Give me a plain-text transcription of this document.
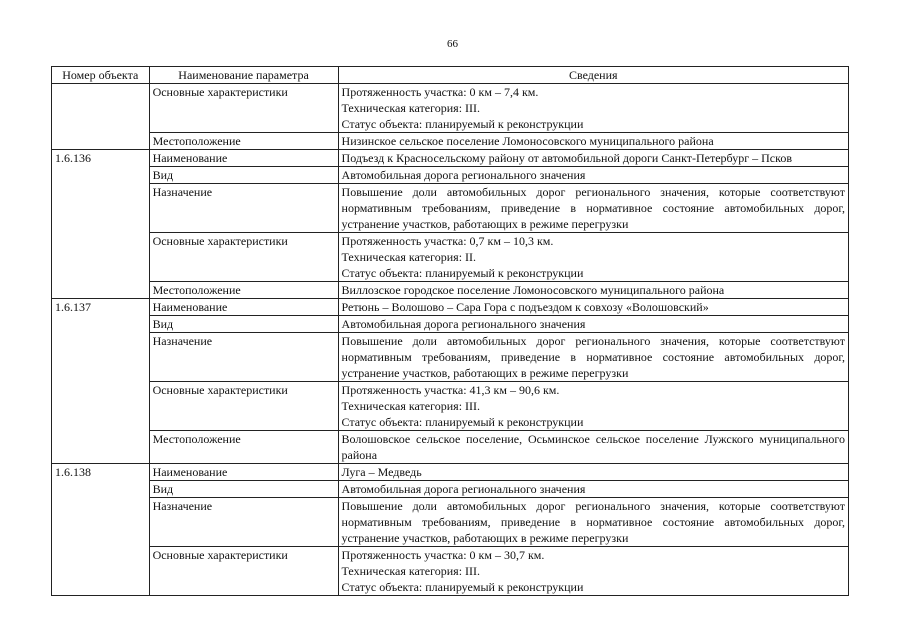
66
Номер объекта	Наименование параметра	Сведения
	Основные характеристики	Протяженность участка: 0 км – 7,4 км.
Техническая категория: III.
Статус объекта: планируемый к реконструкции

	Местоположение	Низинское сельское поселение Ломоносовского муниципального района
1.6.136	Наименование	Подъезд к Красносельскому району от автомобильной дороги Санкт-Петербург – Псков
	Вид	Автомобильная дорога регионального значения
	Назначение	Повышение доли автомобильных дорог регионального значения, которые соответствуют нормативным требованиям, приведение в нормативное состояние автомобильных дорог, устранение участков, работающих в режиме перегрузки
	Основные характеристики	Протяженность участка: 0,7 км – 10,3 км.
Техническая категория: II.
Статус объекта: планируемый к реконструкции

	Местоположение	Виллозское городское поселение Ломоносовского муниципального района
1.6.137	Наименование	Ретюнь – Волошово – Сара Гора с подъездом к совхозу «Волошовский»
	Вид	Автомобильная дорога регионального значения
	Назначение	Повышение доли автомобильных дорог регионального значения, которые соответствуют нормативным требованиям, приведение в нормативное состояние автомобильных дорог, устранение участков, работающих в режиме перегрузки
	Основные характеристики	Протяженность участка: 41,3 км – 90,6 км.
Техническая категория: III.
Статус объекта: планируемый к реконструкции

	Местоположение	Волошовское сельское поселение, Осьминское сельское поселение Лужского муниципального района
1.6.138	Наименование	Луга – Медведь
	Вид	Автомобильная дорога регионального значения
	Назначение	Повышение доли автомобильных дорог регионального значения, которые соответствуют нормативным требованиям, приведение в нормативное состояние автомобильных дорог, устранение участков, работающих в режиме перегрузки
	Основные характеристики	Протяженность участка: 0 км – 30,7 км.
Техническая категория: III.
Статус объекта: планируемый к реконструкции
